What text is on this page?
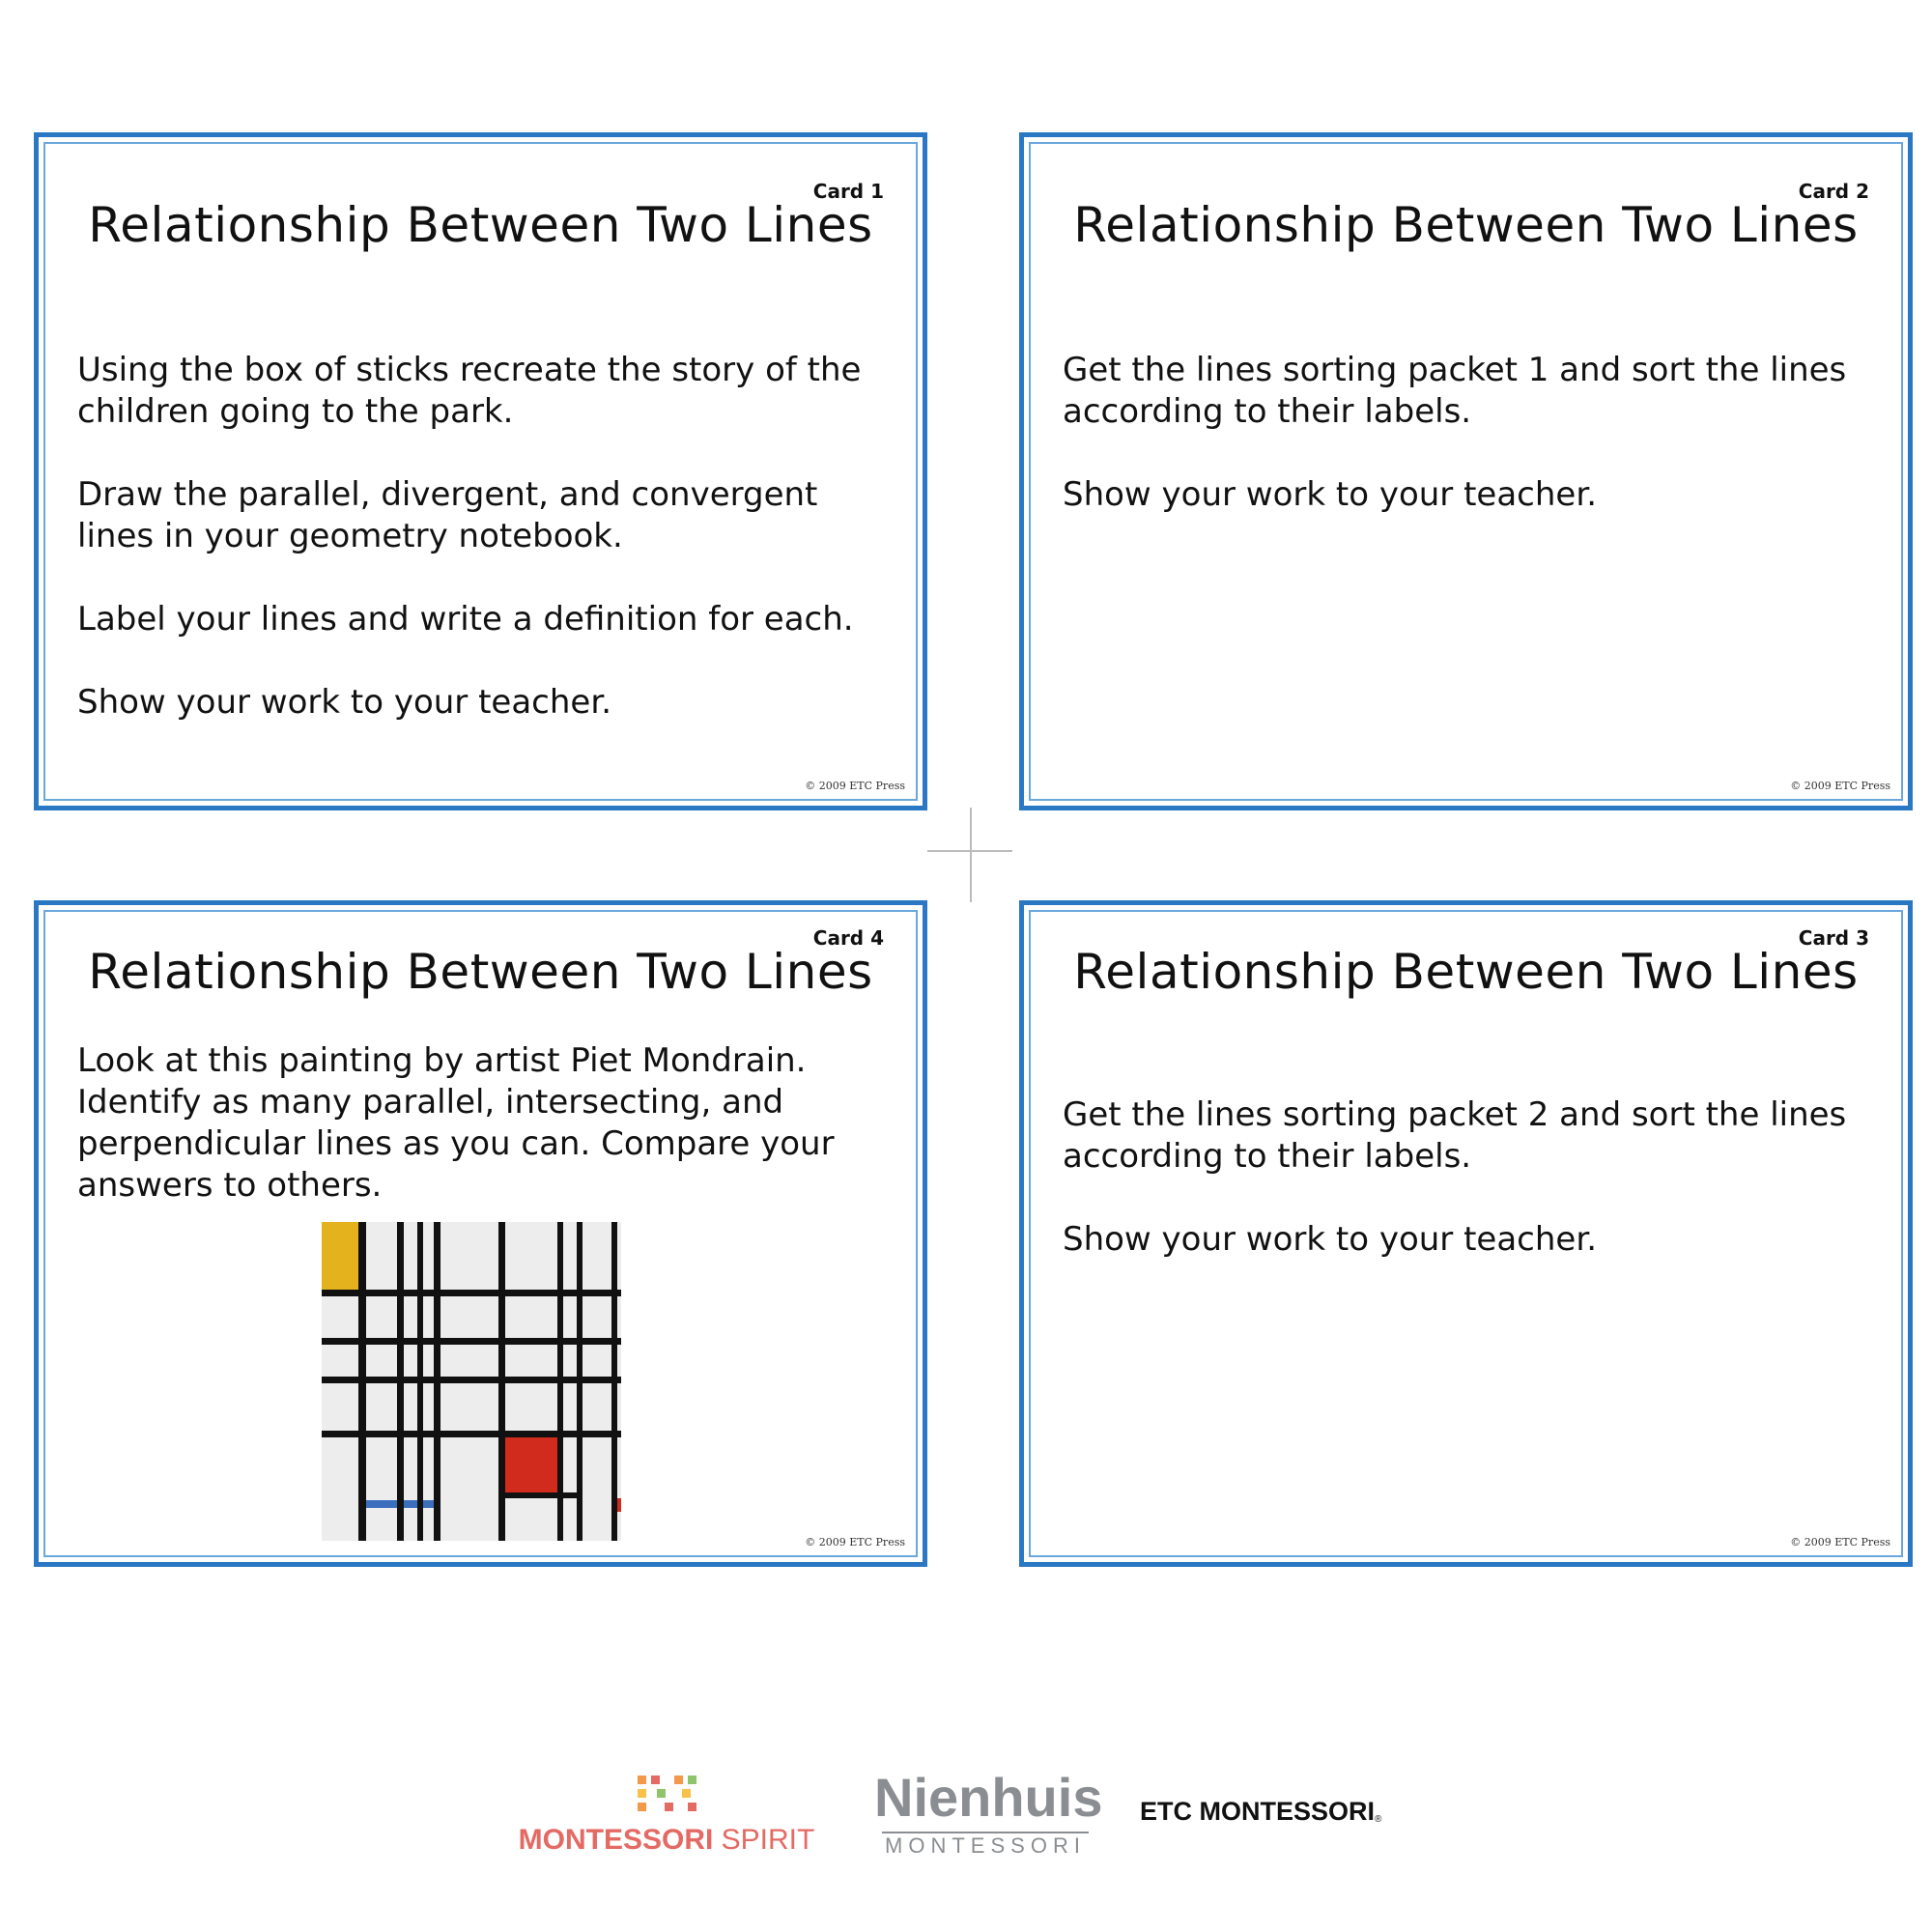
Card 1
Relationship Between Two Lines

Using the box of sticks recreate the story of the children going to the park.

Draw the parallel, divergent, and convergent lines in your geometry notebook.

Label your lines and write a definition for each.

Show your work to your teacher.

© 2009 ETC Press
Card 2
Relationship Between Two Lines

Get the lines sorting packet 1 and sort the lines according to their labels.

Show your work to your teacher.

© 2009 ETC Press
Card 4
Relationship Between Two Lines

Look at this painting by artist Piet Mondrain. Identify as many parallel, intersecting, and perpendicular lines as you can. Compare your answers to others.

© 2009 ETC Press
Card 3
Relationship Between Two Lines

Get the lines sorting packet 2 and sort the lines according to their labels.

Show your work to your teacher.

© 2009 ETC Press
MONTESSORI SPIRIT
Nienhuis
MONTESSORI
ETC MONTESSORI®
